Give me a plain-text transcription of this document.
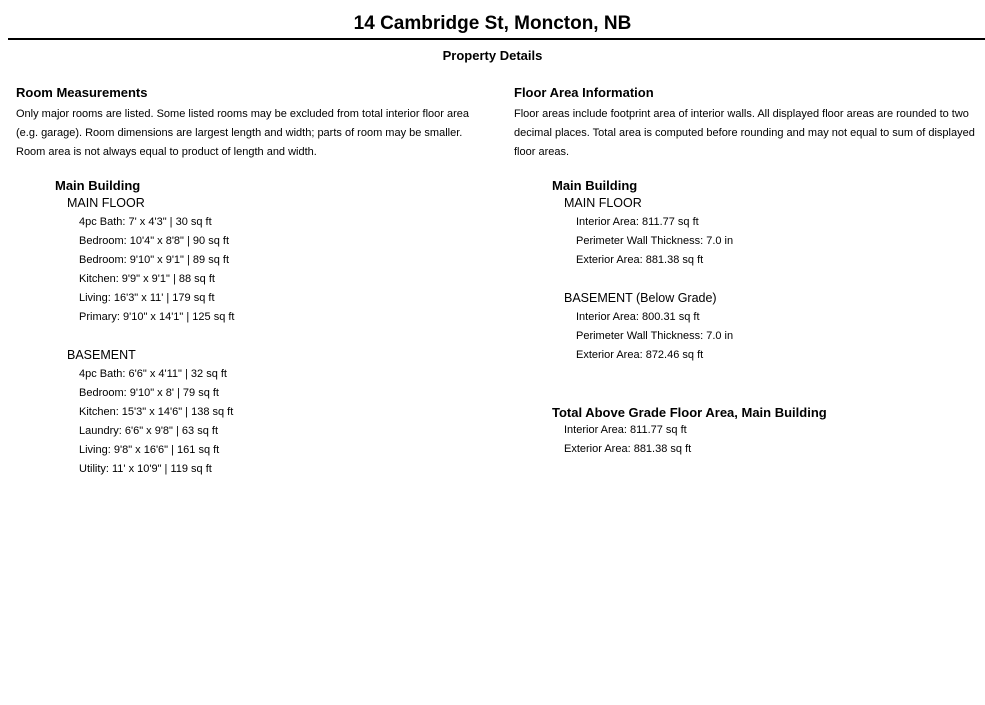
14 Cambridge St, Moncton, NB
Property Details
Room Measurements
Only major rooms are listed. Some listed rooms may be excluded from total interior floor area
(e.g. garage). Room dimensions are largest length and width; parts of room may be smaller.
Room area is not always equal to product of length and width.
Main Building
MAIN FLOOR
4pc Bath: 7' x 4'3" | 30 sq ft
Bedroom: 10'4" x 8'8" | 90 sq ft
Bedroom: 9'10" x 9'1" | 89 sq ft
Kitchen: 9'9" x 9'1" | 88 sq ft
Living: 16'3" x 11' | 179 sq ft
Primary: 9'10" x 14'1" | 125 sq ft
BASEMENT
4pc Bath: 6'6" x 4'11" | 32 sq ft
Bedroom: 9'10" x 8' | 79 sq ft
Kitchen: 15'3" x 14'6" | 138 sq ft
Laundry: 6'6" x 9'8" | 63 sq ft
Living: 9'8" x 16'6" | 161 sq ft
Utility: 11' x 10'9" | 119 sq ft
Floor Area Information
Floor areas include footprint area of interior walls. All displayed floor areas are rounded to two
decimal places. Total area is computed before rounding and may not equal to sum of displayed
floor areas.
Main Building
MAIN FLOOR
Interior Area: 811.77 sq ft
Perimeter Wall Thickness: 7.0 in
Exterior Area: 881.38 sq ft
BASEMENT (Below Grade)
Interior Area: 800.31 sq ft
Perimeter Wall Thickness: 7.0 in
Exterior Area: 872.46 sq ft
Total Above Grade Floor Area, Main Building
Interior Area: 811.77 sq ft
Exterior Area: 881.38 sq ft
